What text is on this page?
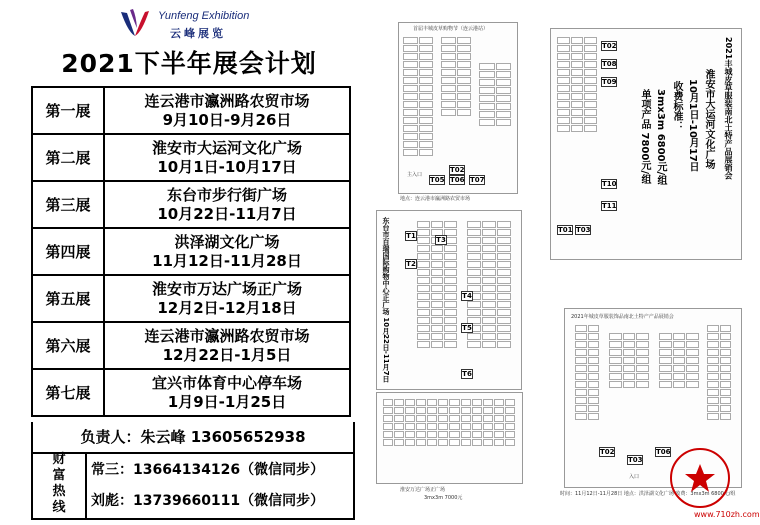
Yunfeng Exhibition
云峰展览
2021下半年展会计划
第一展	连云港市瀛洲路农贸市场
9月10日-9月26日

第二展	淮安市大运河文化广场
10月1日-10月17日

第三展	东台市步行街广场
10月22日-11月7日

第四展	洪泽湖文化广场
11月12日-11月28日

第五展	淮安市万达广场正广场
12月2日-12月18日

第六展	连云港市瀛洲路农贸市场
12月22日-1月5日

第七展	宜兴市体育中心停车场
1月9日-1月25日
负责人：朱云峰 13605652938
财
富
热
线
常三：13664134126（微信同步）
刘彪：13739660111（微信同步）
首届丰城皮草购物节（连云港站）
T02
T05 T06 T07
主入口
地点：连云港市瀛洲路农贸市场
T02
T08
T09
T10
T11
T01 T03
2021丰城皮草服装南北土特产品展销会
淮安市大运河文化广场
10月1日-10月17日
收费标准：
3mx3m 6800元/组
单项产品 7800元/组
东台市百瑞国际购物中心正广场 10月22日-11月7日 T1
T2
T3
T4
T5
T6
淮安万达广场正广场
3mx3m 7000元
2021年城皮草服装饰品南北土特产产品展销会
T02
T03
T06
入口
时间：11月12日-11月28日 地点：洪泽湖文化广场 收费：3mx3m 6800元/组
www.710zh.com
